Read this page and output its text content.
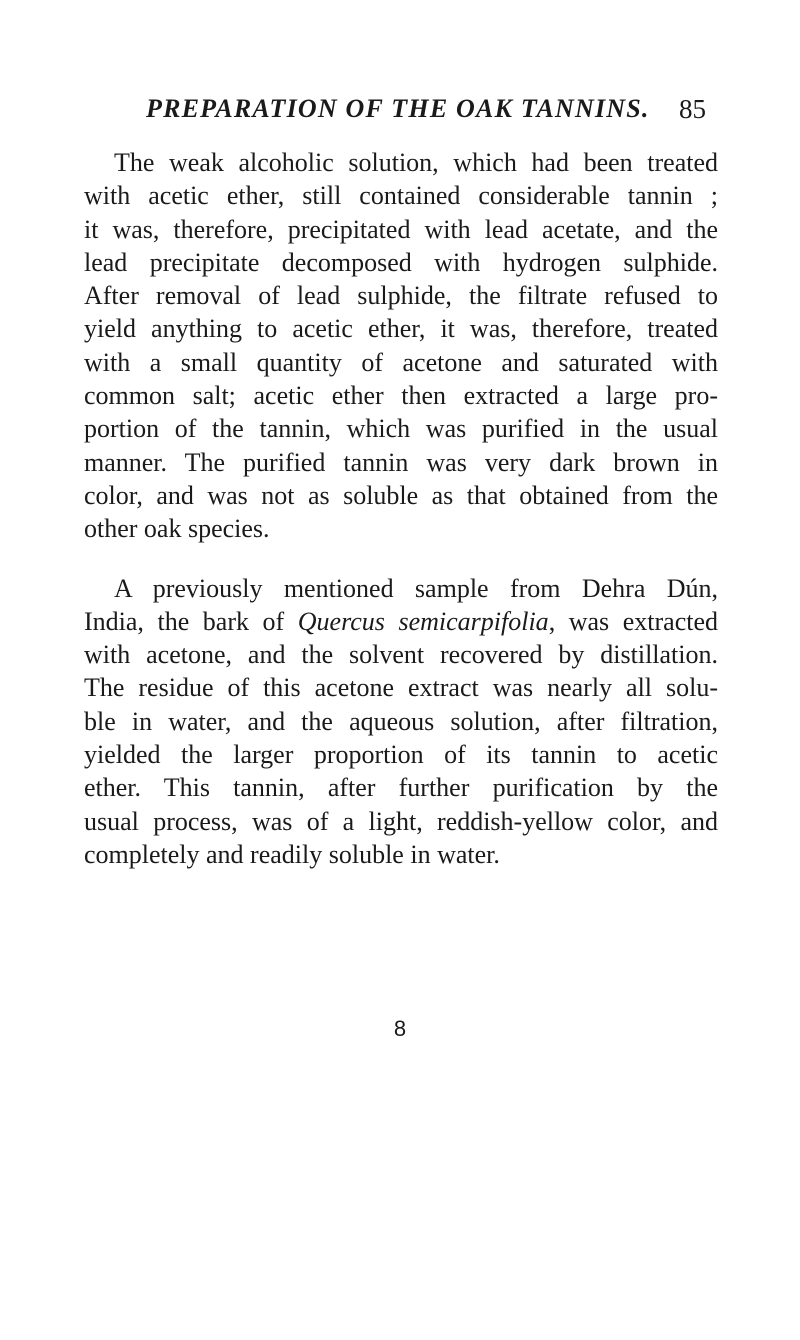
PREPARATION OF THE OAK TANNINS. 85
The weak alcoholic solution, which had been treated
with acetic ether, still contained considerable tannin ;
it was, therefore, precipitated with lead acetate, and the
lead precipitate decomposed with hydrogen sulphide.
After removal of lead sulphide, the filtrate refused to
yield anything to acetic ether, it was, therefore, treated
with a small quantity of acetone and saturated with
common salt; acetic ether then extracted a large pro-
portion of the tannin, which was purified in the usual
manner. The purified tannin was very dark brown in
color, and was not as soluble as that obtained from the
other oak species.
A previously mentioned sample from Dehra Dún,
India, the bark of Quercus semicarpifolia, was extracted
with acetone, and the solvent recovered by distillation.
The residue of this acetone extract was nearly all solu-
ble in water, and the aqueous solution, after filtration,
yielded the larger proportion of its tannin to acetic
ether. This tannin, after further purification by the
usual process, was of a light, reddish-yellow color, and
completely and readily soluble in water.
8
